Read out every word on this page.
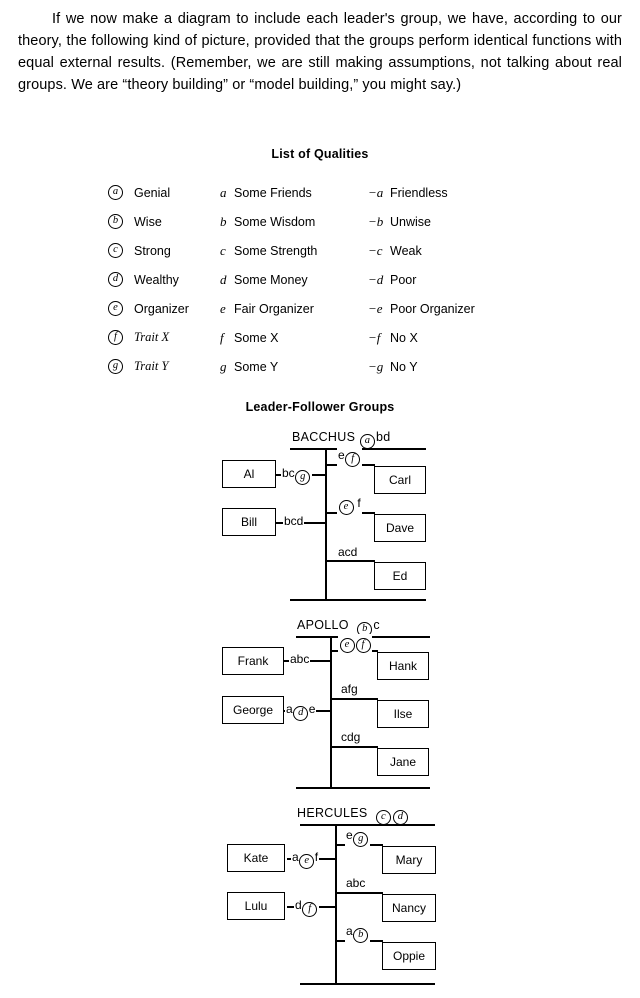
If we now make a diagram to include each leader's group, we have, according to our theory, the following kind of picture, provided that the groups perform identical functions with equal external results. (Remember, we are still making assumptions, not talking about real groups. We are “theory building” or “model building,” you might say.)
List of Qualities
a	Genial	a Some Friends	−a Friendless
b	Wise	b Some Wisdom	−b Unwise
c	Strong	c Some Strength	−c Weak
d	Wealthy	d Some Money	−d Poor
e	Organizer e Fair Organizer	−e Poor Organizer
f	Trait X	f Some X	−f No X
g	Trait Y	g Some Y	−g No Y
Leader-Follower Groups
BACCHUS a bd
Al
Bill
bc g
bcd
Carl
Dave
Ed
e f
e f
acd
APOLLO b c
Frank
George
abc
a d e
Hank
Ilse
Jane
e f
afg
cdg
HERCULES c d
Kate
Lulu
a e f
d f
Mary
Nancy
Oppie
e g
abc
a b
